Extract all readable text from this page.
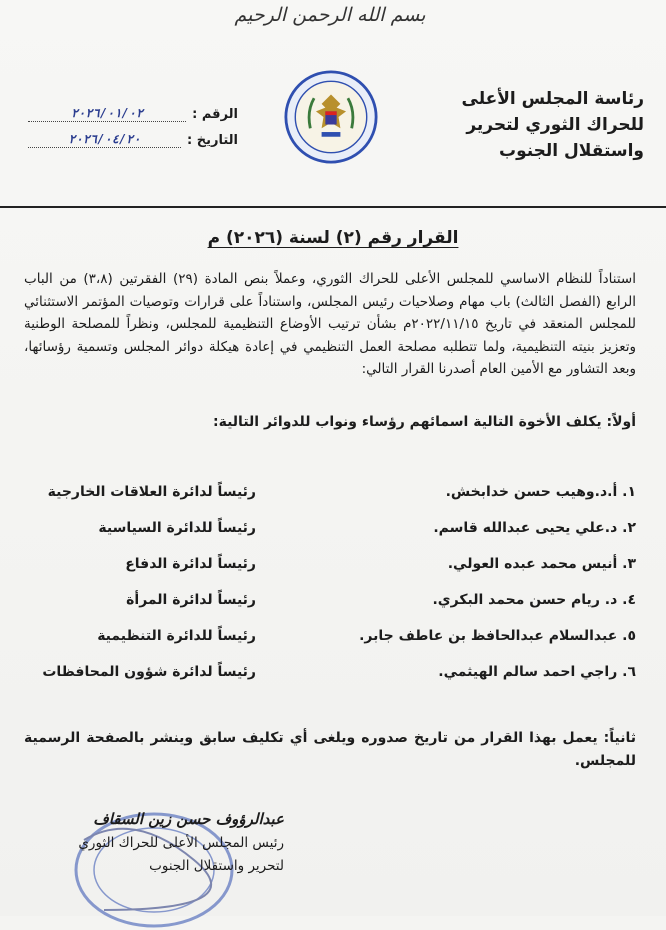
بسم الله الرحمن الرحيم
رئاسة المجلس الأعلى
للحراك الثوري لتحرير
واستقلال الجنوب
الرقم :
٢٠٢٦/٠١/٠٢
التاريخ :
٢٠٢٦/٠٤/٢٠
القرار رقم (٢) لسنة (٢٠٢٦) م

استناداً للنظام الاساسي للمجلس الأعلى للحراك الثوري، وعملاً بنص المادة (٢٩) الفقرتين (٣،٨) من الباب الرابع (الفصل الثالث) باب مهام وصلاحيات رئيس المجلس، واستناداً على قرارات وتوصيات المؤتمر الاستثنائي للمجلس المنعقد في تاريخ ٢٠٢٢/١١/١٥م بشأن ترتيب الأوضاع التنظيمية للمجلس، ونظراً للمصلحة الوطنية وتعزيز بنيته التنظيمية، ولما تتطلبه مصلحة العمل التنظيمي في إعادة هيكلة دوائر المجلس وتسمية رؤسائها، وبعد التشاور مع الأمين العام أصدرنا القرار التالي:

أولاً: يكلف الأخوة التالية اسمائهم رؤساء ونواب للدوائر التالية:
١. أ.د.وهيب حسن خدابخش.
رئيساً لدائرة العلاقات الخارجية
٢. د.علي يحيى عبدالله قاسم.
رئيساً للدائرة السياسية
٣. أنيس محمد عبده العولي.
رئيساً لدائرة الدفاع
٤. د. ريام حسن محمد البكري.
رئيساً لدائرة المرأة
٥. عبدالسلام عبدالحافظ بن عاطف جابر.
رئيساً للدائرة التنظيمية
٦. راجي احمد سالم الهيثمي.
رئيساً لدائرة شؤون المحافظات
ثانياً: يعمل بهذا القرار من تاريخ صدوره ويلغى أي تكليف سابق وينشر بالصفحة الرسمية للمجلس.
عبدالرؤوف حسن زين السقاف
رئيس المجلس الأعلى للحراك الثوري
لتحرير واستقلال الجنوب
